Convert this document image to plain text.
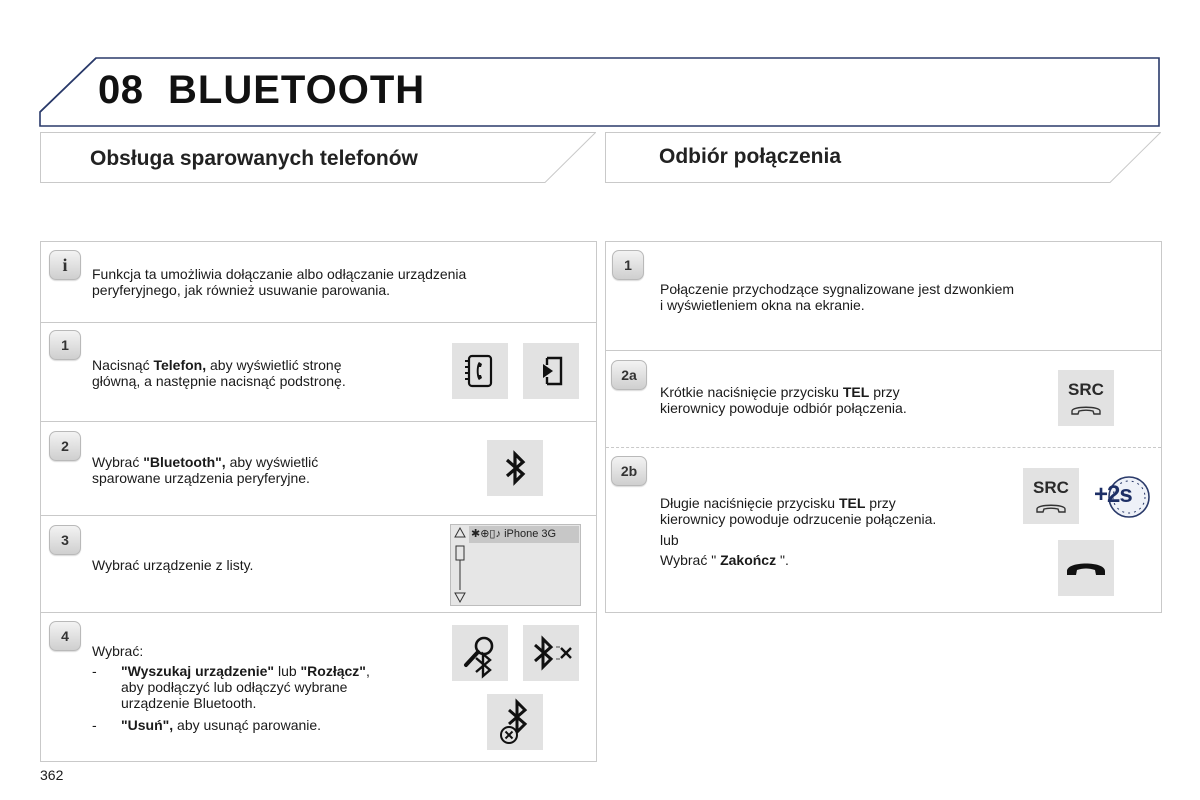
08 BLUETOOTH
Obsługa sparowanych telefonów	Odbiór połączenia
i	Funkcja ta umożliwia dołączanie albo odłączanie urządzenia
peryferyjnego, jak również usuwanie parowania.
1
Nacisnąć Telefon, aby wyświetlić stronę
główną, a następnie nacisnąć podstronę.
2
Wybrać "Bluetooth", aby wyświetlić
sparowane urządzenia peryferyjne.
3
Wybrać urządzenie z listy.
✱⊕▯♪ iPhone 3G
4
Wybrać:
- "Wyszukaj urządzenie" lub "Rozłącz",
aby podłączyć lub odłączyć wybrane
urządzenie Bluetooth.
- "Usuń", aby usunąć parowanie.
1
Połączenie przychodzące sygnalizowane jest dzwonkiem
i wyświetleniem okna na ekranie.
2a
Krótkie naciśnięcie przycisku TEL przy
kierownicy powoduje odbiór połączenia.
SRC
2b
Długie naciśnięcie przycisku TEL przy
kierownicy powoduje odrzucenie połączenia.
lub
Wybrać " Zakończ ".
SRC	+2s
362
